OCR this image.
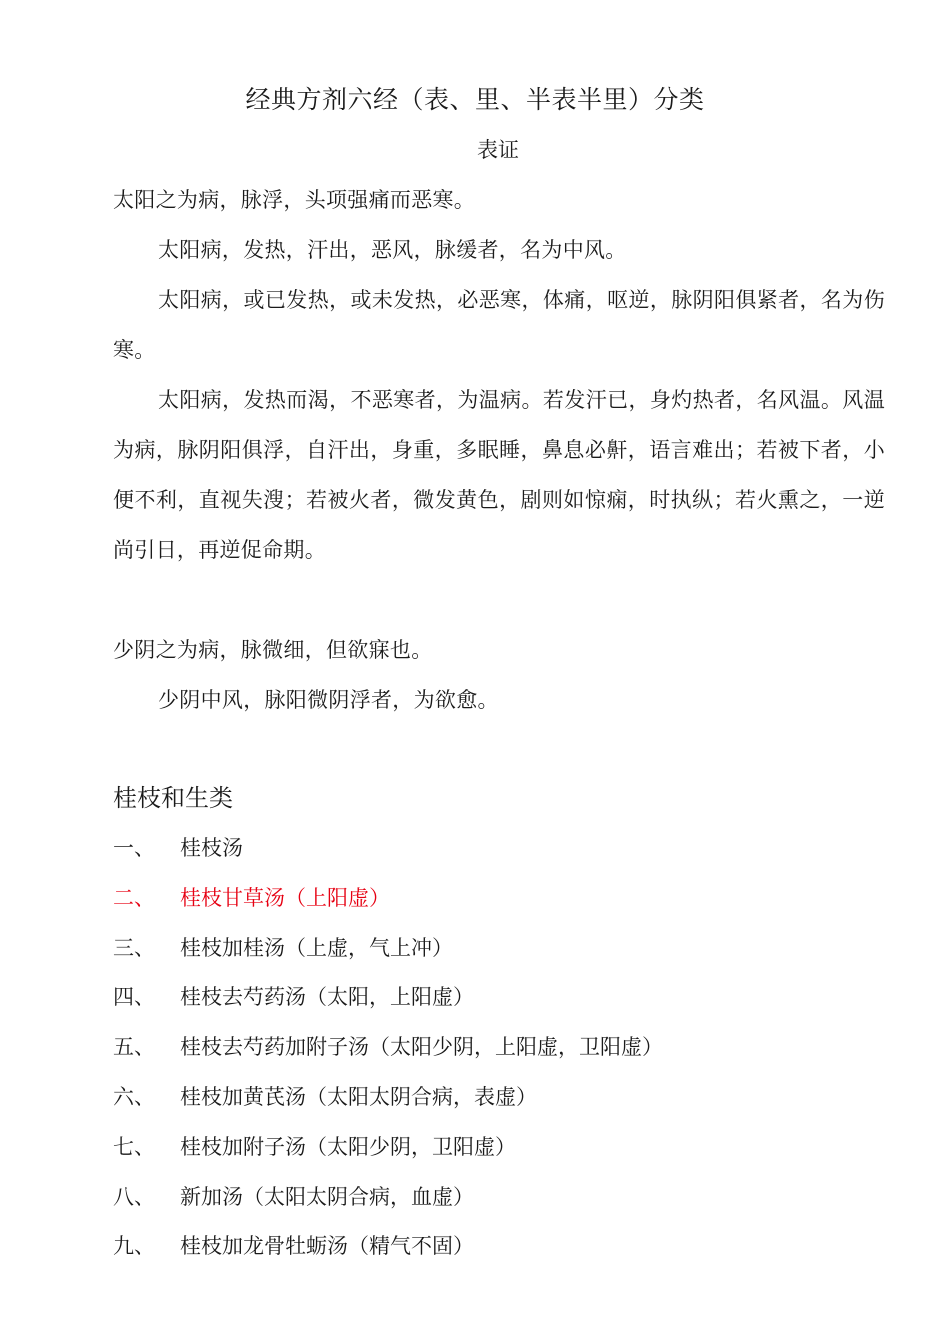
经典方剂六经（表、里、半表半里）分类
表证

太阳之为病，脉浮，头项强痛而恶寒。

太阳病，发热，汗出，恶风，脉缓者，名为中风。

太阳病，或已发热，或未发热，必恶寒，体痛，呕逆，脉阴阳俱紧者，名为伤寒。

太阳病，发热而渴，不恶寒者，为温病。若发汗已，身灼热者，名风温。风温为病，脉阴阳俱浮，自汗出，身重，多眠睡，鼻息必鼾，语言难出；若被下者，小便不利，直视失溲；若被火者，微发黄色，剧则如惊痫，时执纵；若火熏之，一逆尚引日，再逆促命期。

少阴之为病，脉微细，但欲寐也。

少阴中风，脉阳微阴浮者，为欲愈。

桂枝和生类
一、 桂枝汤
二、 桂枝甘草汤（上阳虚）
三、 桂枝加桂汤（上虚，气上冲）
四、 桂枝去芍药汤（太阳，上阳虚）
五、 桂枝去芍药加附子汤（太阳少阴，上阳虚，卫阳虚）
六、 桂枝加黄芪汤（太阳太阴合病，表虚）
七、 桂枝加附子汤（太阳少阴，卫阳虚）
八、 新加汤（太阳太阴合病，血虚）
九、 桂枝加龙骨牡蛎汤（精气不固）
